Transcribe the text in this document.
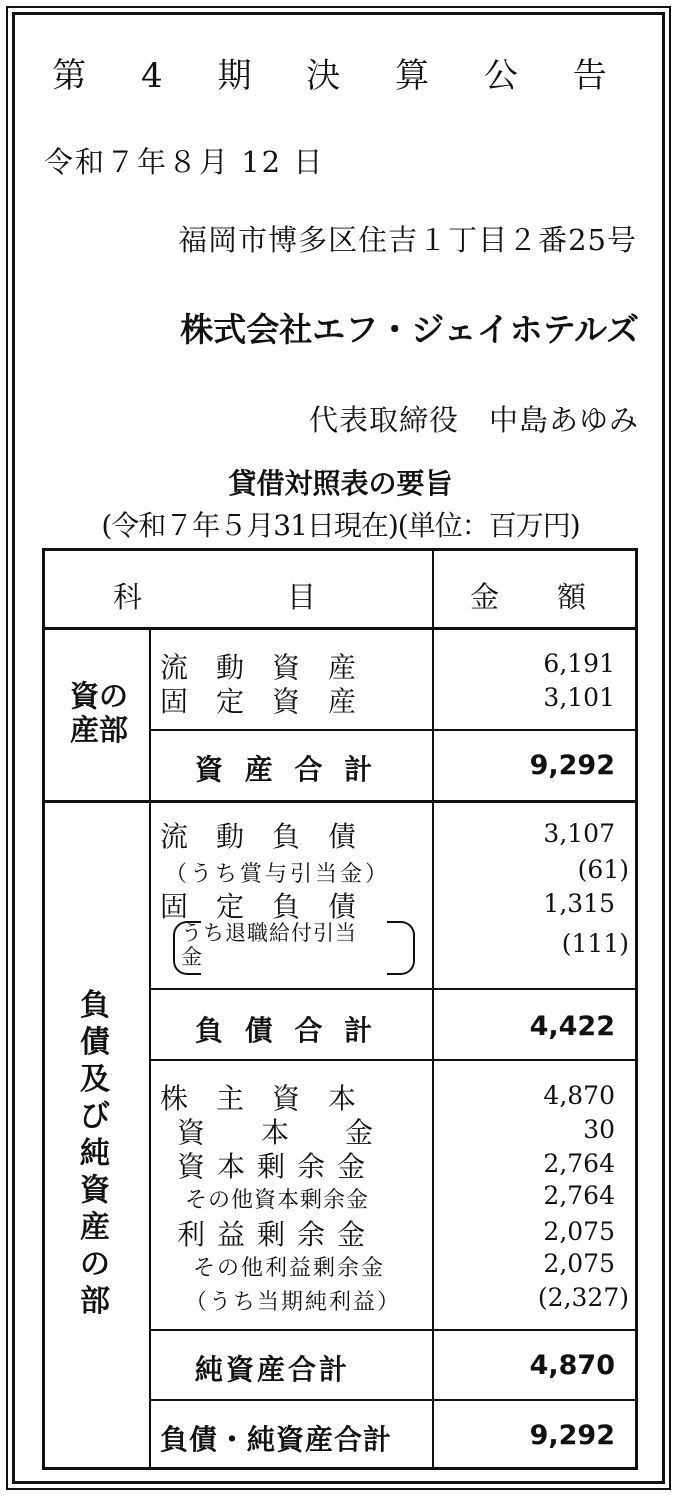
第 4 期 決 算 公 告
令和７年８月 12 日
福岡市博多区住吉１丁目２番25号
株式会社エフ・ジェイホテルズ
代表取締役　中島あゆみ
貸借対照表の要旨
(令和７年５月31日現在)(単位：百万円)
科　　　　　目	金　　額
資の産部
流　動　資　産	6,191
固　定　資　産	3,101
資 産 合 計	9,292
負債及び純資産の部
流　動　負　債	3,107
（うち賞与引当金）	(61)
固　定　負　債	1,315
うち退職給付引当
金	(111)
負 債 合 計	4,422
株　主　資　本	4,870
資　　本　　金	30
資本剰余金	2,764
その他資本剰余金	2,764
利益剰余金	2,075
その他利益剰余金	2,075
（うち当期純利益）	(2,327)
純資産合計	4,870
負債・純資産合計	9,292
